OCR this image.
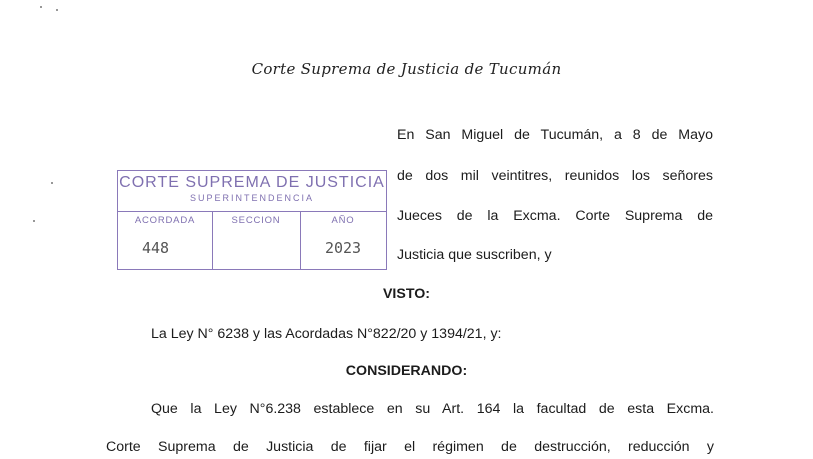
Corte Suprema de Justicia de Tucumán
CORTE SUPREMA DE JUSTICIA
SUPERINTENDENCIA
ACORDADA
448
SECCION	AÑO
2023
En San Miguel de Tucumán, a 8 de Mayo
de dos mil veintitres, reunidos los señores
Jueces de la Excma. Corte Suprema de
Justicia que suscriben, y
VISTO:
La Ley N° 6238 y las Acordadas N°822/20 y 1394/21, y:
CONSIDERANDO:
Que la Ley N°6.238 establece en su Art. 164 la facultad de esta Excma.
Corte Suprema de Justicia de fijar el régimen de destrucción, reducción y
